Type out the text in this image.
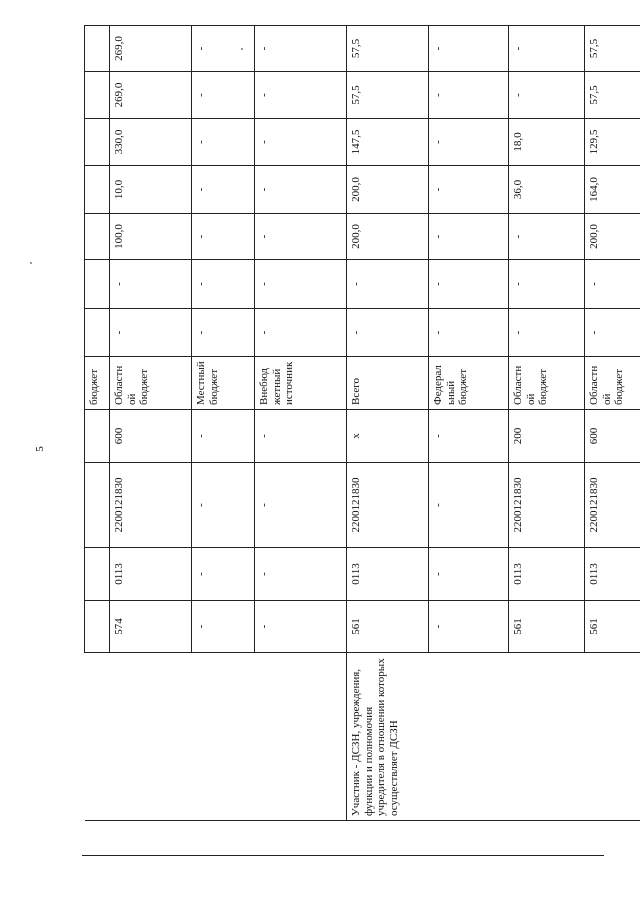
5
					бюджет								
	574	0113	2200121830	600	Областной бюджет	-	-	100,0	10,0	330,0	269,0	269,0	
	-	-	-	-	Местный бюджет	-	-	-	-	-	-	-	
	-	-	-	-	Внебюджетный источник	-	-	-	-	-	-	-	
Участник - ДСЗН, учреждения, функции и полномочия учредителя в отношении которых осуществляет ДСЗН	561	0113	2200121830	x	Всего	-	-	200,0	200,0	147,5	57,5	57,5	
	-	-	-	-	Федеральный бюджет	-	-	-	-	-	-	-	
	561	0113	2200121830	200	Областной бюджет	-	-	-	36,0	18,0	-	-	
	561	0113	2200121830	600	Областной бюджет	-	-	200,0	164,0	129,5	57,5	57,5	
